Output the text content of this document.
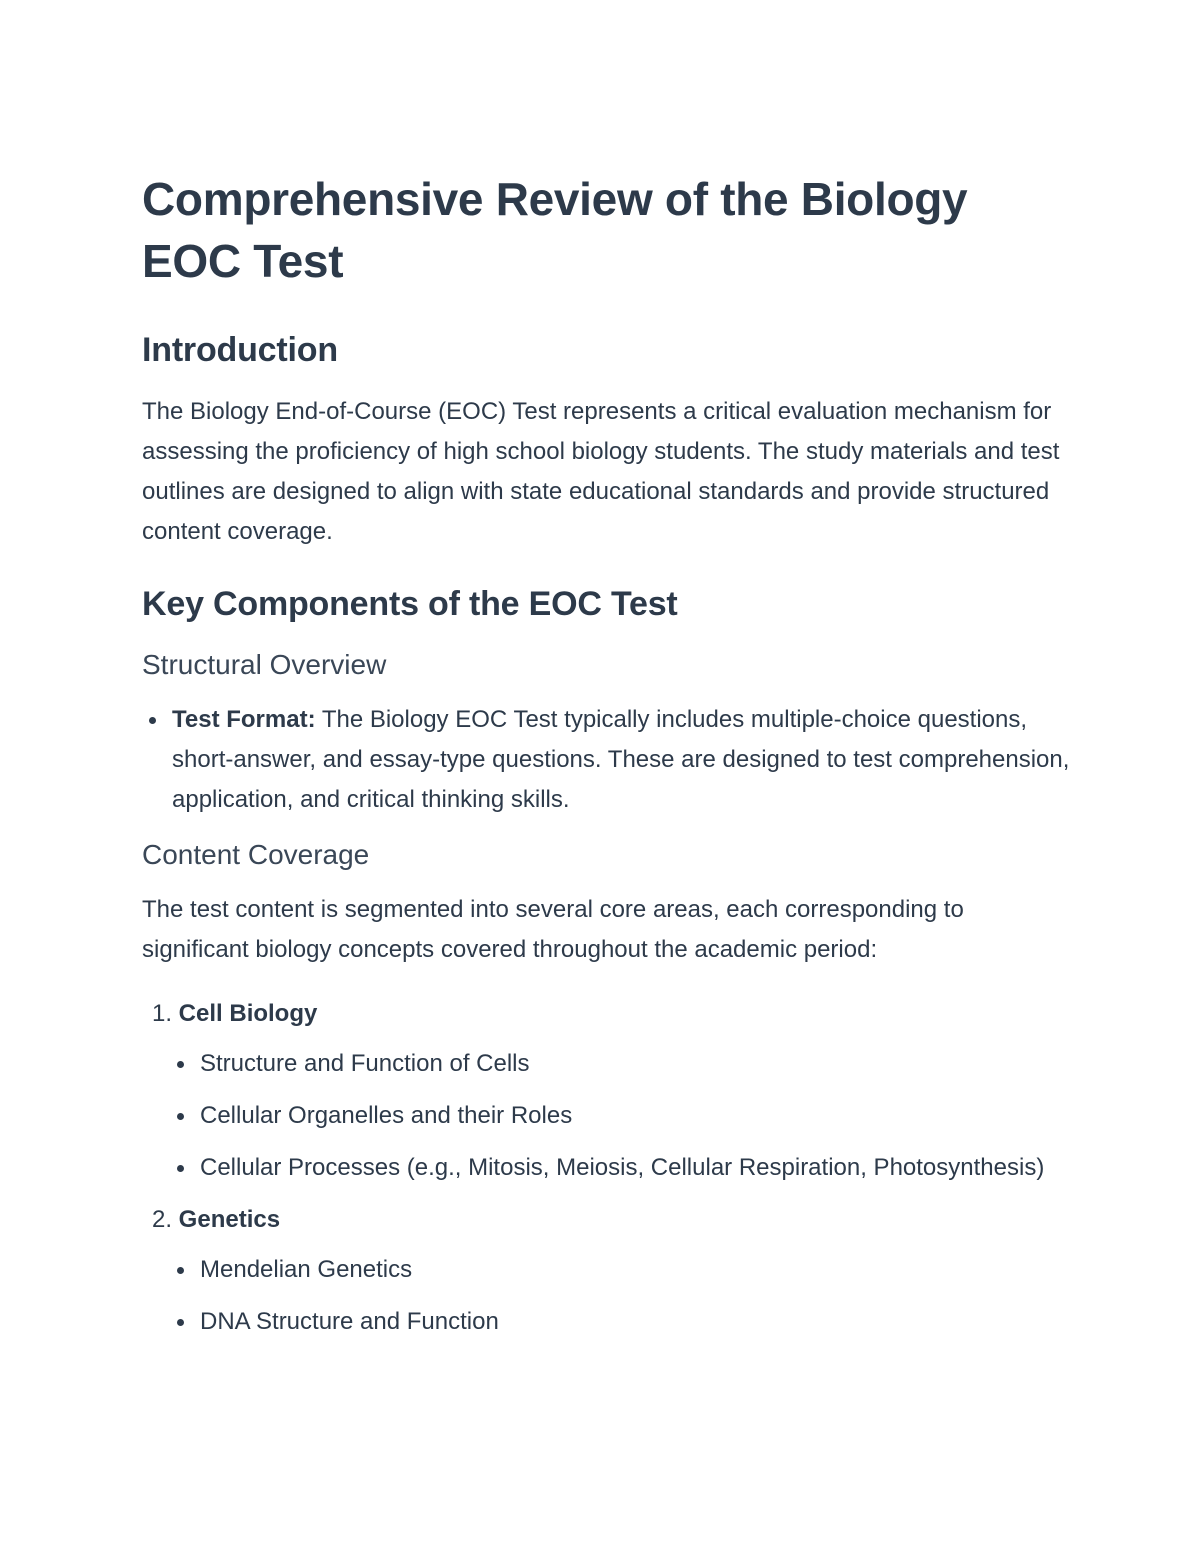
Comprehensive Review of the Biology EOC Test
Introduction

The Biology End-of-Course (EOC) Test represents a critical evaluation mechanism for assessing the proficiency of high school biology students. The study materials and test outlines are designed to align with state educational standards and provide structured content coverage.

Key Components of the EOC Test
Structural Overview
Test Format: The Biology EOC Test typically includes multiple-choice questions, short-answer, and essay-type questions. These are designed to test comprehension, application, and critical thinking skills.
Content Coverage

The test content is segmented into several core areas, each corresponding to significant biology concepts covered throughout the academic period:

1. Cell Biology
Structure and Function of Cells
Cellular Organelles and their Roles
Cellular Processes (e.g., Mitosis, Meiosis, Cellular Respiration, Photosynthesis)
2. Genetics
Mendelian Genetics
DNA Structure and Function
